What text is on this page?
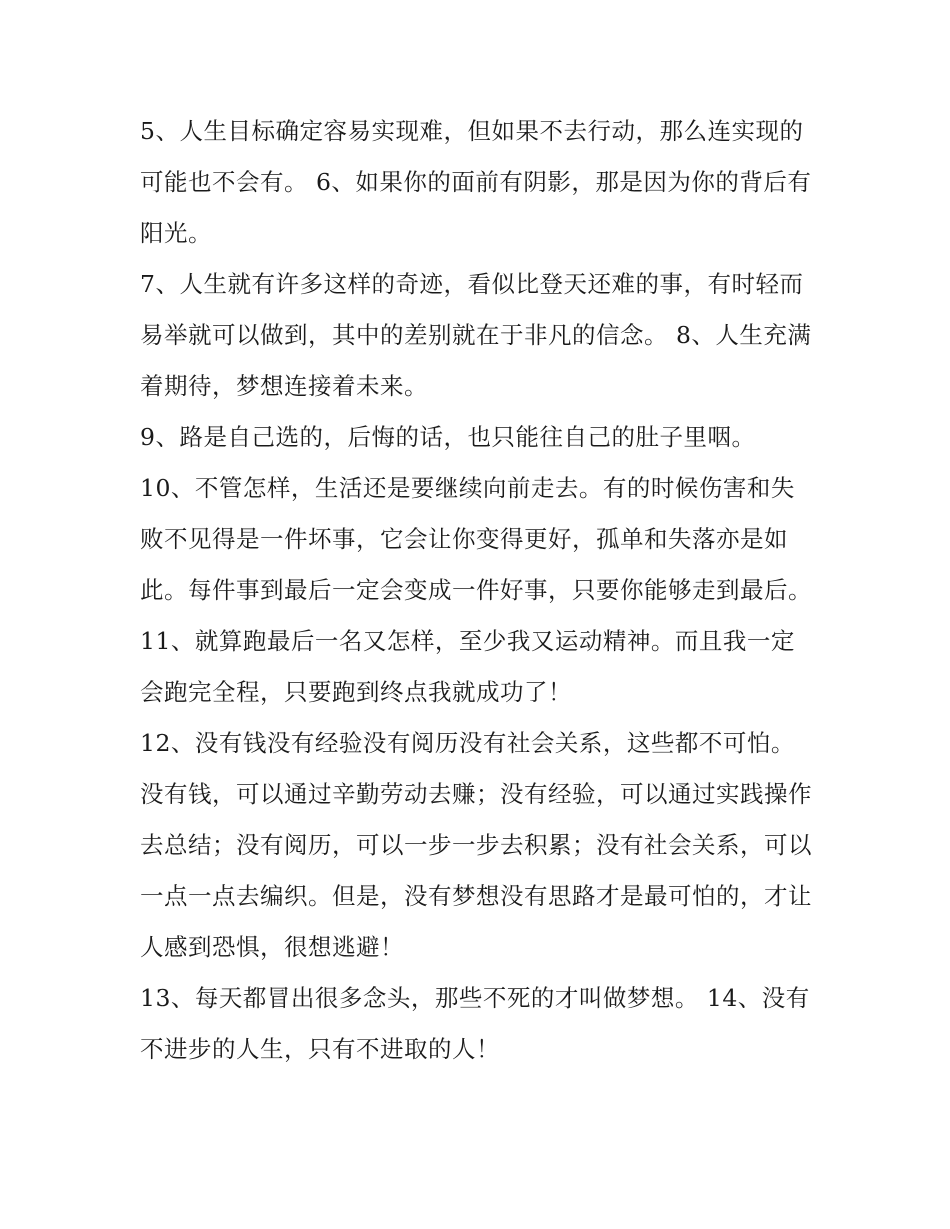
5、人生目标确定容易实现难，但如果不去行动，那么连实现的可能也不会有。 6、如果你的面前有阴影，那是因为你的背后有阳光。

7、人生就有许多这样的奇迹，看似比登天还难的事，有时轻而易举就可以做到，其中的差别就在于非凡的信念。 8、人生充满着期待，梦想连接着未来。

9、路是自己选的，后悔的话，也只能往自己的肚子里咽。

10、不管怎样，生活还是要继续向前走去。有的时候伤害和失败不见得是一件坏事，它会让你变得更好，孤单和失落亦是如此。每件事到最后一定会变成一件好事，只要你能够走到最后。

11、就算跑最后一名又怎样，至少我又运动精神。而且我一定会跑完全程，只要跑到终点我就成功了！

12、没有钱没有经验没有阅历没有社会关系，这些都不可怕。没有钱，可以通过辛勤劳动去赚；没有经验，可以通过实践操作去总结；没有阅历，可以一步一步去积累；没有社会关系，可以一点一点去编织。但是，没有梦想没有思路才是最可怕的，才让人感到恐惧，很想逃避！

13、每天都冒出很多念头，那些不死的才叫做梦想。 14、没有不进步的人生，只有不进取的人！
